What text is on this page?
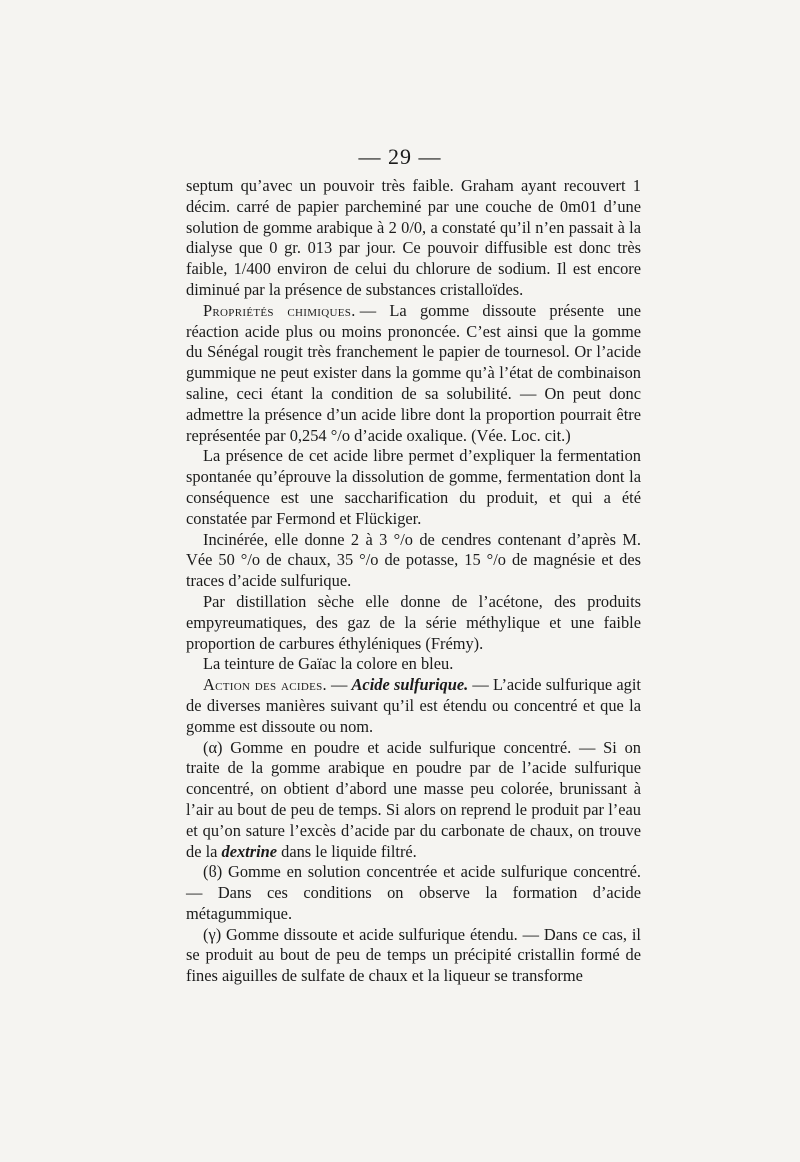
— 29 —

septum qu’avec un pouvoir très faible. Graham ayant recouvert 1 décim. carré de papier parcheminé par une couche de 0m01 d’une solution de gomme arabique à 2 0/0, a constaté qu’il n’en passait à la dialyse que 0 gr. 013 par jour. Ce pouvoir diffusible est donc très faible, 1/400 environ de celui du chlorure de sodium. Il est encore diminué par la présence de substances cristalloïdes.

Propriétés chimiques. — La gomme dissoute présente une réaction acide plus ou moins prononcée. C’est ainsi que la gomme du Sénégal rougit très franchement le papier de tournesol. Or l’acide gummique ne peut exister dans la gomme qu’à l’état de combinaison saline, ceci étant la condition de sa solubilité. — On peut donc admettre la présence d’un acide libre dont la proportion pourrait être représentée par 0,254 °/o d’acide oxalique. (Vée. Loc. cit.)

La présence de cet acide libre permet d’expliquer la fermentation spontanée qu’éprouve la dissolution de gomme, fermentation dont la conséquence est une saccharification du produit, et qui a été constatée par Fermond et Flückiger.

Incinérée, elle donne 2 à 3 °/o de cendres contenant d’après M. Vée 50 °/o de chaux, 35 °/o de potasse, 15 °/o de magnésie et des traces d’acide sulfurique.

Par distillation sèche elle donne de l’acétone, des produits empyreumatiques, des gaz de la série méthylique et une faible proportion de carbures éthyléniques (Frémy).

La teinture de Gaïac la colore en bleu.

Action des acides. — Acide sulfurique. — L’acide sulfurique agit de diverses manières suivant qu’il est étendu ou concentré et que la gomme est dissoute ou nom.

(α) Gomme en poudre et acide sulfurique concentré. — Si on traite de la gomme arabique en poudre par de l’acide sulfurique concentré, on obtient d’abord une masse peu colorée, brunissant à l’air au bout de peu de temps. Si alors on reprend le produit par l’eau et qu’on sature l’excès d’acide par du carbonate de chaux, on trouve de la dextrine dans le liquide filtré.

(ϐ) Gomme en solution concentrée et acide sulfurique concentré.— Dans ces conditions on observe la formation d’acide métagummique.

(γ) Gomme dissoute et acide sulfurique étendu. — Dans ce cas, il se produit au bout de peu de temps un précipité cristallin formé de fines aiguilles de sulfate de chaux et la liqueur se transforme
